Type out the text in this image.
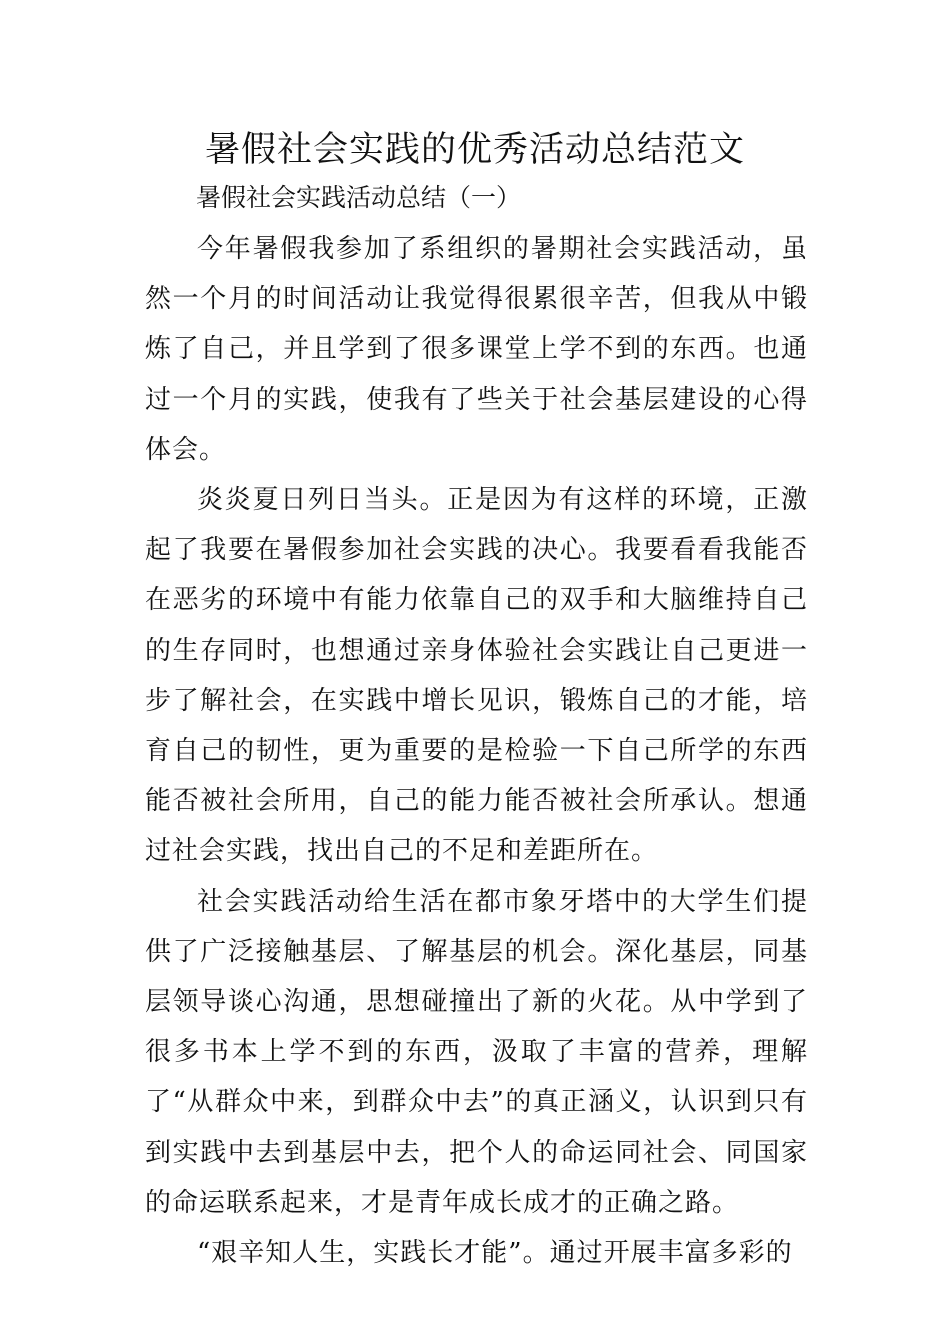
暑假社会实践的优秀活动总结范文
暑假社会实践活动总结（一）

今年暑假我参加了系组织的暑期社会实践活动，虽然一个月的时间活动让我觉得很累很辛苦，但我从中锻炼了自己，并且学到了很多课堂上学不到的东西。也通过一个月的实践，使我有了些关于社会基层建设的心得体会。

炎炎夏日列日当头。正是因为有这样的环境，正激起了我要在暑假参加社会实践的决心。我要看看我能否在恶劣的环境中有能力依靠自己的双手和大脑维持自己的生存同时，也想通过亲身体验社会实践让自己更进一步了解社会，在实践中增长见识，锻炼自己的才能，培育自己的韧性，更为重要的是检验一下自己所学的东西能否被社会所用，自己的能力能否被社会所承认。想通过社会实践，找出自己的不足和差距所在。

社会实践活动给生活在都市象牙塔中的大学生们提供了广泛接触基层、了解基层的机会。深化基层，同基层领导谈心沟通，思想碰撞出了新的火花。从中学到了很多书本上学不到的东西，汲取了丰富的营养，理解了“从群众中来，到群众中去”的真正涵义，认识到只有到实践中去到基层中去，把个人的命运同社会、同国家的命运联系起来，才是青年成长成才的正确之路。

“艰辛知人生，实践长才能”。通过开展丰富多彩的
